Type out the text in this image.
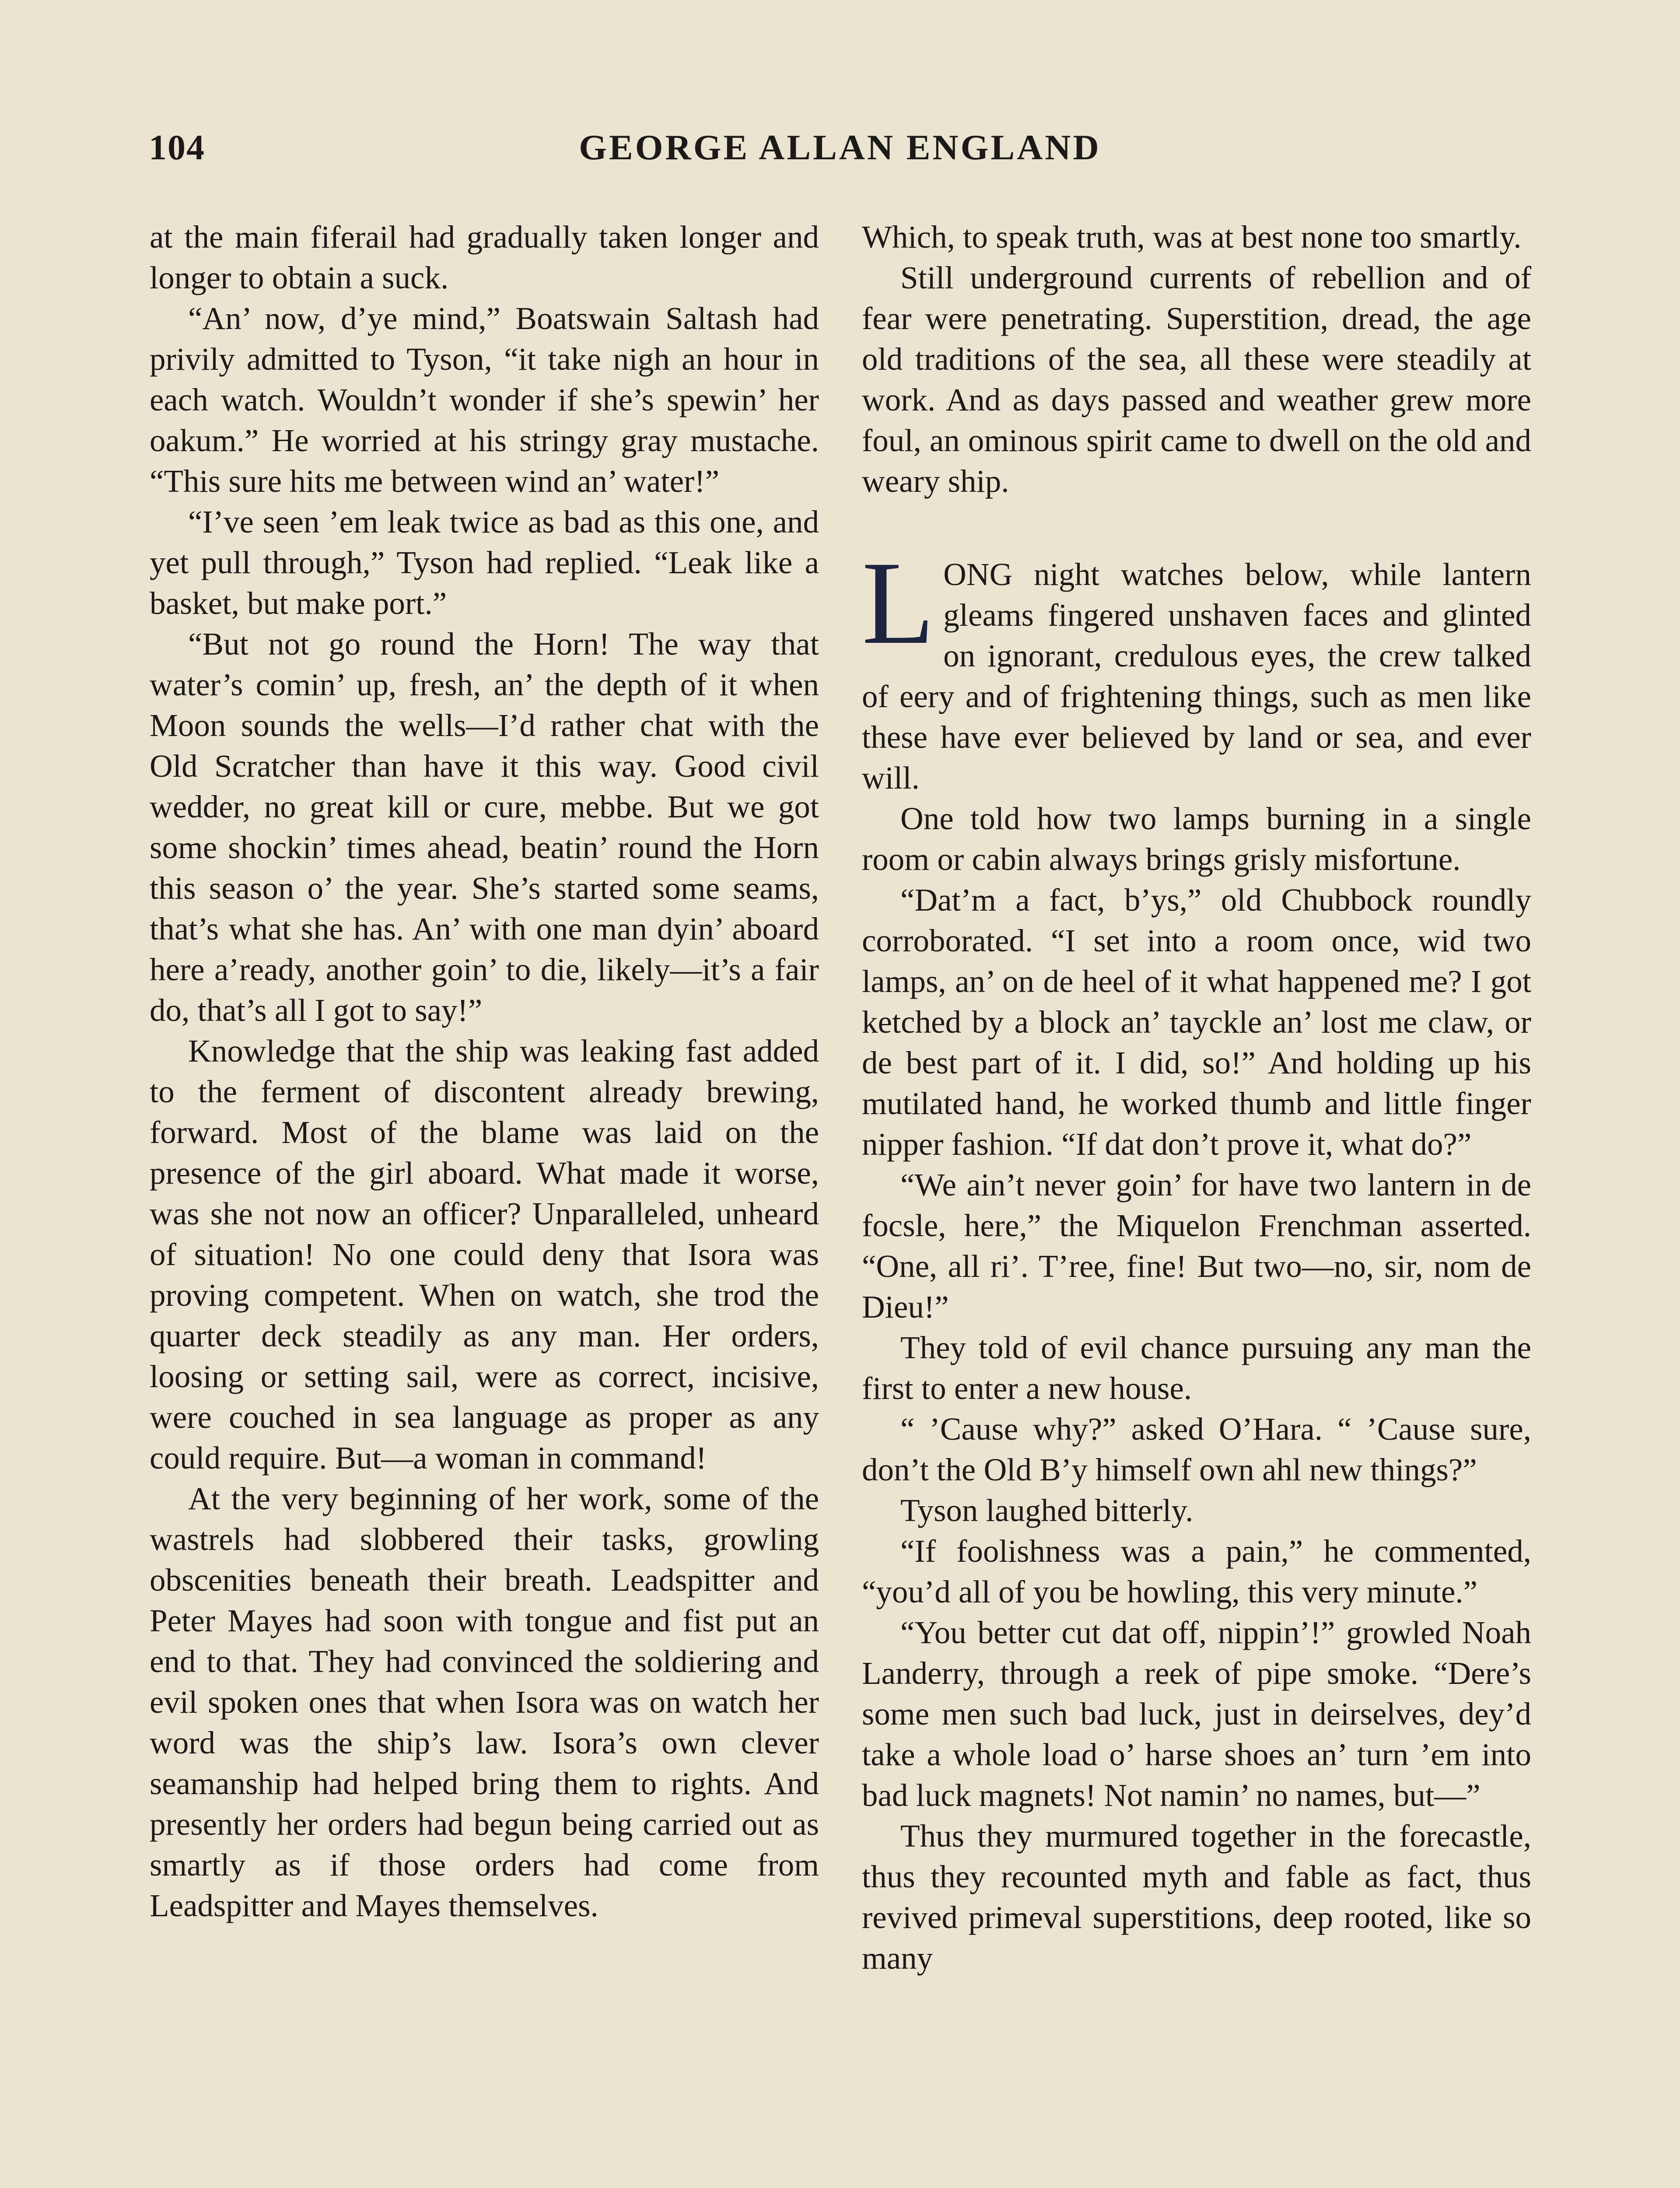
104	GEORGE ALLAN ENGLAND

at the main fiferail had gradually taken longer and longer to obtain a suck.

“An’ now, d’ye mind,” Boatswain Saltash had privily admitted to Tyson, “it take nigh an hour in each watch. Wouldn’t wonder if she’s spewin’ her oakum.” He worried at his stringy gray mustache. “This sure hits me between wind an’ water!”

“I’ve seen ’em leak twice as bad as this one, and yet pull through,” Tyson had replied. “Leak like a basket, but make port.”

“But not go round the Horn! The way that water’s comin’ up, fresh, an’ the depth of it when Moon sounds the wells—I’d rather chat with the Old Scratcher than have it this way. Good civil wedder, no great kill or cure, mebbe. But we got some shockin’ times ahead, beatin’ round the Horn this season o’ the year. She’s started some seams, that’s what she has. An’ with one man dyin’ aboard here a’ready, another goin’ to die, likely—it’s a fair do, that’s all I got to say!”

Knowledge that the ship was leaking fast added to the ferment of discontent already brewing, forward. Most of the blame was laid on the presence of the girl aboard. What made it worse, was she not now an officer? Unparalleled, unheard of situation! No one could deny that Isora was proving competent. When on watch, she trod the quarter deck steadily as any man. Her orders, loosing or setting sail, were as correct, incisive, were couched in sea language as proper as any could require. But—a woman in command!

At the very beginning of her work, some of the wastrels had slobbered their tasks, growling obscenities beneath their breath. Leadspitter and Peter Mayes had soon with tongue and fist put an end to that. They had convinced the soldiering and evil spoken ones that when Isora was on watch her word was the ship’s law. Isora’s own clever seamanship had helped bring them to rights. And presently her orders had begun being carried out as smartly as if those orders had come from Leadspitter and Mayes themselves.

Which, to speak truth, was at best none too smartly.

Still underground currents of rebellion and of fear were penetrating. Superstition, dread, the age old traditions of the sea, all these were steadily at work. And as days passed and weather grew more foul, an ominous spirit came to dwell on the old and weary ship.

LONG night watches below, while lantern gleams fingered unshaven faces and glinted on ignorant, credulous eyes, the crew talked of eery and of frightening things, such as men like these have ever believed by land or sea, and ever will.

One told how two lamps burning in a single room or cabin always brings grisly misfortune.

“Dat’m a fact, b’ys,” old Chubbock roundly corroborated. “I set into a room once, wid two lamps, an’ on de heel of it what happened me? I got ketched by a block an’ tayckle an’ lost me claw, or de best part of it. I did, so!” And holding up his mutilated hand, he worked thumb and little finger nipper fashion. “If dat don’t prove it, what do?”

“We ain’t never goin’ for have two lantern in de focsle, here,” the Miquelon Frenchman asserted. “One, all ri’. T’ree, fine! But two—no, sir, nom de Dieu!”

They told of evil chance pursuing any man the first to enter a new house.

“ ’Cause why?” asked O’Hara. “ ’Cause sure, don’t the Old B’y himself own ahl new things?”

Tyson laughed bitterly.

“If foolishness was a pain,” he commented, “you’d all of you be howling, this very minute.”

“You better cut dat off, nippin’!” growled Noah Landerry, through a reek of pipe smoke. “Dere’s some men such bad luck, just in deirselves, dey’d take a whole load o’ harse shoes an’ turn ’em into bad luck magnets! Not namin’ no names, but—”

Thus they murmured together in the forecastle, thus they recounted myth and fable as fact, thus revived primeval superstitions, deep rooted, like so many
